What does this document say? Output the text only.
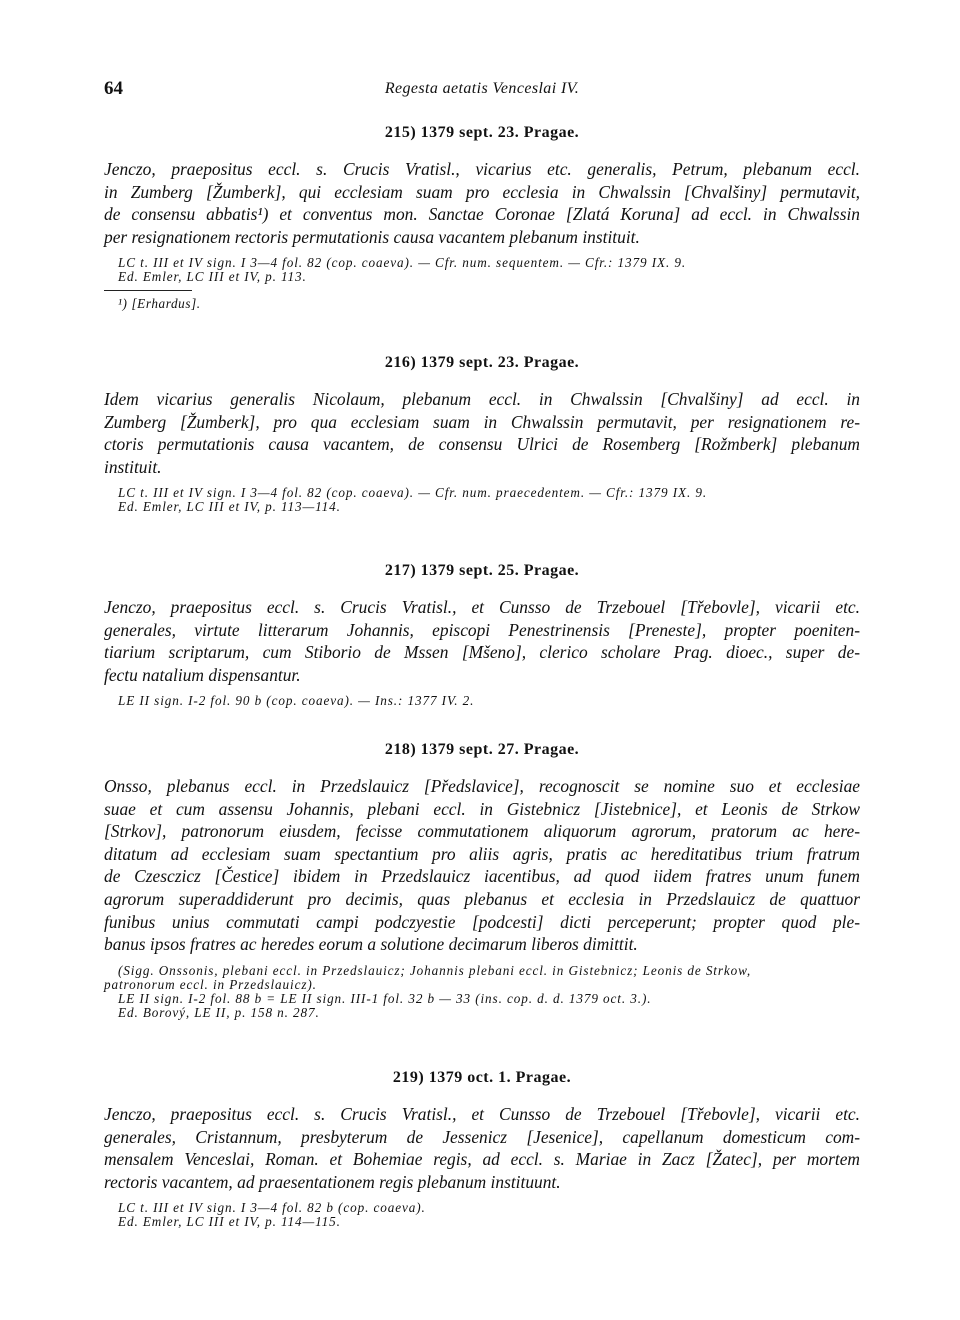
64	Regesta aetatis Venceslai IV.
215) 1379 sept. 23. Pragae.
Jenczo, praepositus eccl. s. Crucis Vratisl., vicarius etc. generalis, Petrum, plebanum eccl.
in Zumberg [Žumberk], qui ecclesiam suam pro ecclesia in Chwalssin [Chvalšiny] permutavit,
de consensu abbatis¹) et conventus mon. Sanctae Coronae [Zlatá Koruna] ad eccl. in Chwalssin
per resignationem rectoris permutationis causa vacantem plebanum instituit.
LC t. III et IV sign. I 3—4 fol. 82 (cop. coaeva). — Cfr. num. sequentem. — Cfr.: 1379 IX. 9.
Ed. Emler, LC III et IV, p. 113.
¹) [Erhardus].
216) 1379 sept. 23. Pragae.
Idem vicarius generalis Nicolaum, plebanum eccl. in Chwalssin [Chvalšiny] ad eccl. in
Zumberg [Žumberk], pro qua ecclesiam suam in Chwalssin permutavit, per resignationem re-
ctoris permutationis causa vacantem, de consensu Ulrici de Rosemberg [Rožmberk] plebanum
instituit.
LC t. III et IV sign. I 3—4 fol. 82 (cop. coaeva). — Cfr. num. praecedentem. — Cfr.: 1379 IX. 9.
Ed. Emler, LC III et IV, p. 113—114.
217) 1379 sept. 25. Pragae.
Jenczo, praepositus eccl. s. Crucis Vratisl., et Cunsso de Trzebouel [Třebovle], vicarii etc.
generales, virtute litterarum Johannis, episcopi Penestrinensis [Preneste], propter poeniten-
tiarium scriptarum, cum Stiborio de Mssen [Mšeno], clerico scholare Prag. dioec., super de-
fectu natalium dispensantur.
LE II sign. I-2 fol. 90 b (cop. coaeva). — Ins.: 1377 IV. 2.
218) 1379 sept. 27. Pragae.
Onsso, plebanus eccl. in Przedslauicz [Předslavice], recognoscit se nomine suo et ecclesiae
suae et cum assensu Johannis, plebani eccl. in Gistebnicz [Jistebnice], et Leonis de Strkow
[Strkov], patronorum eiusdem, fecisse commutationem aliquorum agrorum, pratorum ac here-
ditatum ad ecclesiam suam spectantium pro aliis agris, pratis ac hereditatibus trium fratrum
de Czesczicz [Čestice] ibidem in Przedslauicz iacentibus, ad quod iidem fratres unum funem
agrorum superaddiderunt pro decimis, quas plebanus et ecclesia in Przedslauicz de quattuor
funibus unius commutati campi podczyestie [podcesti] dicti perceperunt; propter quod ple-
banus ipsos fratres ac heredes eorum a solutione decimarum liberos dimittit.
(Sigg. Onssonis, plebani eccl. in Przedslauicz; Johannis plebani eccl. in Gistebnicz; Leonis de Strkow,
patronorum eccl. in Przedslauicz).
LE II sign. I-2 fol. 88 b = LE II sign. III-1 fol. 32 b — 33 (ins. cop. d. d. 1379 oct. 3.).
Ed. Borový, LE II, p. 158 n. 287.
219) 1379 oct. 1. Pragae.
Jenczo, praepositus eccl. s. Crucis Vratisl., et Cunsso de Trzebouel [Třebovle], vicarii etc.
generales, Cristannum, presbyterum de Jessenicz [Jesenice], capellanum domesticum com-
mensalem Venceslai, Roman. et Bohemiae regis, ad eccl. s. Mariae in Zacz [Žatec], per mortem
rectoris vacantem, ad praesentationem regis plebanum instituunt.
LC t. III et IV sign. I 3—4 fol. 82 b (cop. coaeva).
Ed. Emler, LC III et IV, p. 114—115.
